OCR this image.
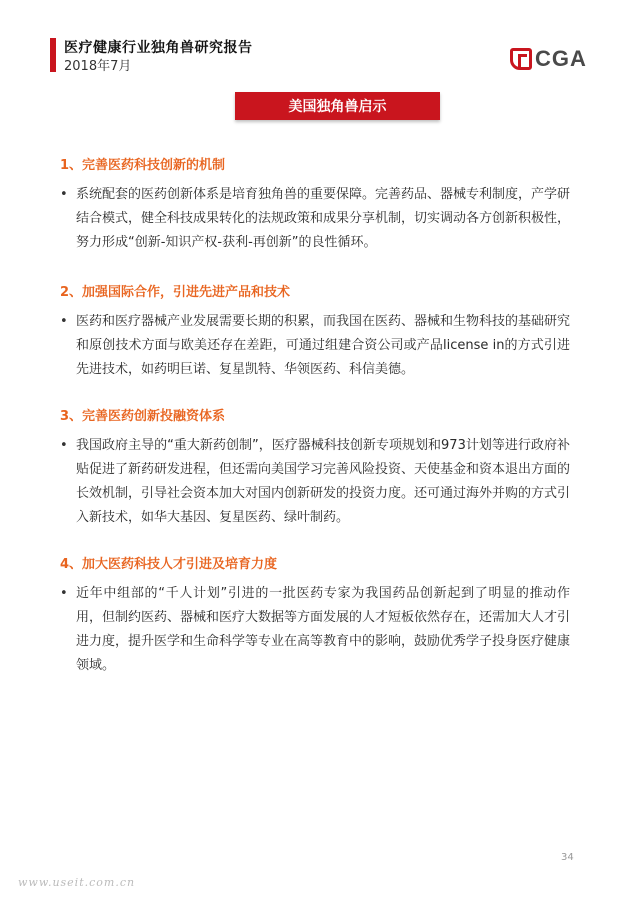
医疗健康行业独角兽研究报告
2018年7月	CGA
美国独角兽启示
1、完善医药科技创新的机制
• 系统配套的医药创新体系是培育独角兽的重要保障。完善药品、器械专利制度，产学研结合模式，健全科技成果转化的法规政策和成果分享机制，切实调动各方创新积极性，努力形成“创新-知识产权-获利-再创新”的良性循环。
2、加强国际合作，引进先进产品和技术
• 医药和医疗器械产业发展需要长期的积累，而我国在医药、器械和生物科技的基础研究和原创技术方面与欧美还存在差距，可通过组建合资公司或产品license in的方式引进先进技术，如药明巨诺、复星凯特、华领医药、科信美德。
3、完善医药创新投融资体系
• 我国政府主导的“重大新药创制”，医疗器械科技创新专项规划和973计划等进行政府补贴促进了新药研发进程，但还需向美国学习完善风险投资、天使基金和资本退出方面的长效机制，引导社会资本加大对国内创新研发的投资力度。还可通过海外并购的方式引入新技术，如华大基因、复星医药、绿叶制药。
4、加大医药科技人才引进及培育力度
• 近年中组部的“千人计划”引进的一批医药专家为我国药品创新起到了明显的推动作用，但制约医药、器械和医疗大数据等方面发展的人才短板依然存在，还需加大人才引进力度，提升医学和生命科学等专业在高等教育中的影响，鼓励优秀学子投身医疗健康领域。
34
www.useit.com.cn
